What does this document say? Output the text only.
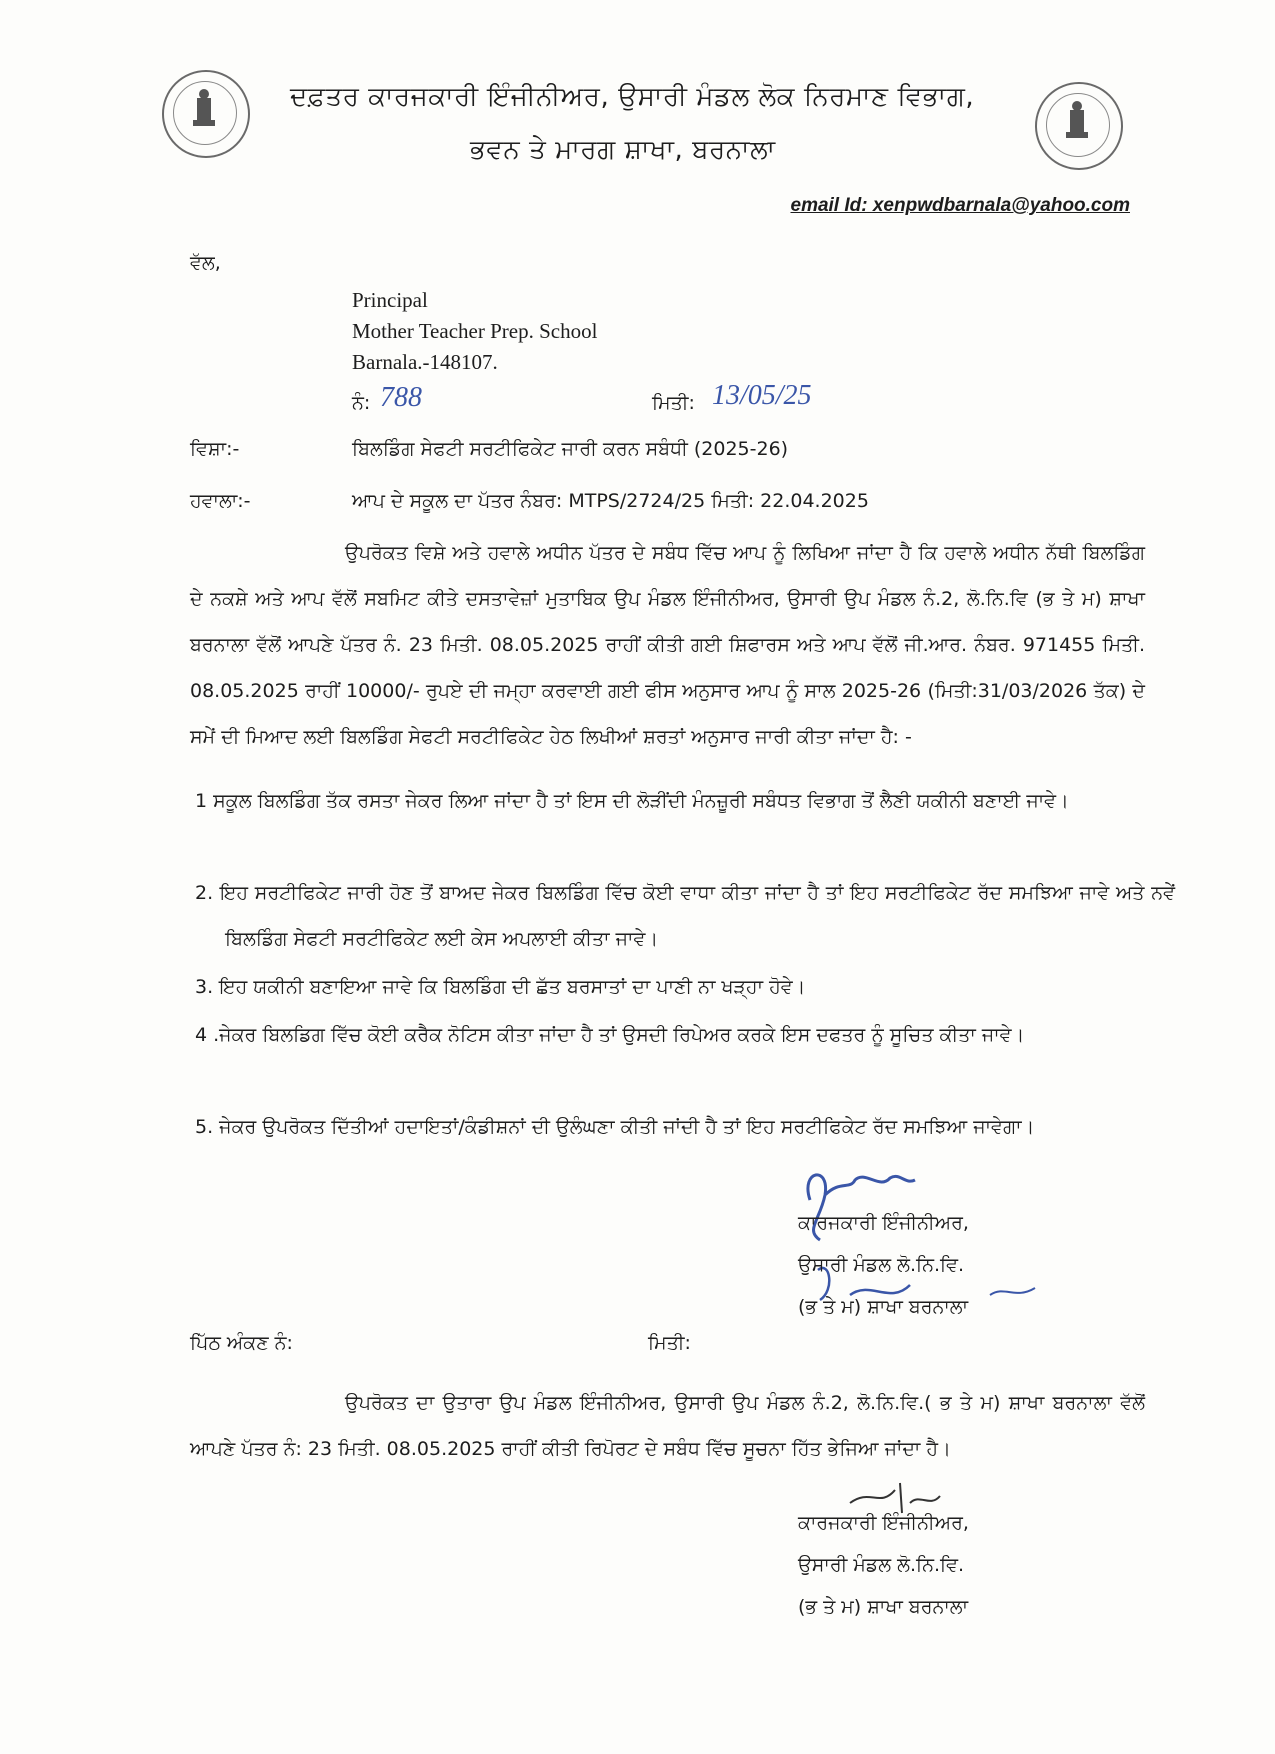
ਦਫ਼ਤਰ ਕਾਰਜਕਾਰੀ ਇੰਜੀਨੀਅਰ, ਉਸਾਰੀ ਮੰਡਲ ਲੋਕ ਨਿਰਮਾਣ ਵਿਭਾਗ,
ਭਵਨ ਤੇ ਮਾਰਗ ਸ਼ਾਖਾ, ਬਰਨਾਲਾ
email Id: xenpwdbarnala@yahoo.com
ਵੱਲ,
Principal
Mother Teacher Prep. School
Barnala.-148107.
ਨੰ: 788	ਮਿਤੀ: 13/05/25
ਵਿਸ਼ਾ:-	ਬਿਲਡਿੰਗ ਸੇਫਟੀ ਸਰਟੀਫਿਕੇਟ ਜਾਰੀ ਕਰਨ ਸਬੰਧੀ (2025-26)
ਹਵਾਲਾ:-	ਆਪ ਦੇ ਸਕੂਲ ਦਾ ਪੱਤਰ ਨੰਬਰ: MTPS/2724/25 ਮਿਤੀ: 22.04.2025
ਉਪਰੋਕਤ ਵਿਸ਼ੇ ਅਤੇ ਹਵਾਲੇ ਅਧੀਨ ਪੱਤਰ ਦੇ ਸਬੰਧ ਵਿੱਚ ਆਪ ਨੂੰ ਲਿਖਿਆ ਜਾਂਦਾ ਹੈ ਕਿ ਹਵਾਲੇ ਅਧੀਨ ਨੱਥੀ ਬਿਲਡਿੰਗ ਦੇ ਨਕਸ਼ੇ ਅਤੇ ਆਪ ਵੱਲੋਂ ਸਬਮਿਟ ਕੀਤੇ ਦਸਤਾਵੇਜ਼ਾਂ ਮੁਤਾਬਿਕ ਉਪ ਮੰਡਲ ਇੰਜੀਨੀਅਰ, ਉਸਾਰੀ ਉਪ ਮੰਡਲ ਨੰ.2, ਲੋ.ਨਿ.ਵਿ (ਭ ਤੇ ਮ) ਸ਼ਾਖਾ ਬਰਨਾਲਾ ਵੱਲੋਂ ਆਪਣੇ ਪੱਤਰ ਨੰ. 23 ਮਿਤੀ. 08.05.2025 ਰਾਹੀਂ ਕੀਤੀ ਗਈ ਸ਼ਿਫਾਰਸ ਅਤੇ ਆਪ ਵੱਲੋਂ ਜੀ.ਆਰ. ਨੰਬਰ. 971455 ਮਿਤੀ. 08.05.2025 ਰਾਹੀਂ 10000/- ਰੁਪਏ ਦੀ ਜਮ੍ਹਾ ਕਰਵਾਈ ਗਈ ਫੀਸ ਅਨੁਸਾਰ ਆਪ ਨੂੰ ਸਾਲ 2025-26 (ਮਿਤੀ:31/03/2026 ਤੱਕ) ਦੇ ਸਮੇਂ ਦੀ ਮਿਆਦ ਲਈ ਬਿਲਡਿੰਗ ਸੇਫਟੀ ਸਰਟੀਫਿਕੇਟ ਹੇਠ ਲਿਖੀਆਂ ਸ਼ਰਤਾਂ ਅਨੁਸਾਰ ਜਾਰੀ ਕੀਤਾ ਜਾਂਦਾ ਹੈ: -
1 ਸਕੂਲ ਬਿਲਡਿੰਗ ਤੱਕ ਰਸਤਾ ਜੇਕਰ ਲਿਆ ਜਾਂਦਾ ਹੈ ਤਾਂ ਇਸ ਦੀ ਲੋੜੀਂਦੀ ਮੰਨਜ਼ੂਰੀ ਸਬੰਧਤ ਵਿਭਾਗ ਤੋਂ ਲੈਣੀ ਯਕੀਨੀ ਬਣਾਈ ਜਾਵੇ।
2. ਇਹ ਸਰਟੀਫਿਕੇਟ ਜਾਰੀ ਹੋਣ ਤੋਂ ਬਾਅਦ ਜੇਕਰ ਬਿਲਡਿੰਗ ਵਿੱਚ ਕੋਈ ਵਾਧਾ ਕੀਤਾ ਜਾਂਦਾ ਹੈ ਤਾਂ ਇਹ ਸਰਟੀਫਿਕੇਟ ਰੱਦ ਸਮਝਿਆ ਜਾਵੇ ਅਤੇ ਨਵੇਂ ਬਿਲਡਿੰਗ ਸੇਫਟੀ ਸਰਟੀਫਿਕੇਟ ਲਈ ਕੇਸ ਅਪਲਾਈ ਕੀਤਾ ਜਾਵੇ।
3. ਇਹ ਯਕੀਨੀ ਬਣਾਇਆ ਜਾਵੇ ਕਿ ਬਿਲਡਿੰਗ ਦੀ ਛੱਤ ਬਰਸਾਤਾਂ ਦਾ ਪਾਣੀ ਨਾ ਖੜ੍ਹਾ ਹੋਵੇ।
4 .ਜੇਕਰ ਬਿਲਡਿਗ ਵਿੱਚ ਕੋਈ ਕਰੈਕ ਨੋਟਿਸ ਕੀਤਾ ਜਾਂਦਾ ਹੈ ਤਾਂ ਉਸਦੀ ਰਿਪੇਅਰ ਕਰਕੇ ਇਸ ਦਫਤਰ ਨੂੰ ਸੂਚਿਤ ਕੀਤਾ ਜਾਵੇ।
5. ਜੇਕਰ ਉਪਰੋਕਤ ਦਿੱਤੀਆਂ ਹਦਾਇਤਾਂ/ਕੰਡੀਸ਼ਨਾਂ ਦੀ ਉਲੰਘਣਾ ਕੀਤੀ ਜਾਂਦੀ ਹੈ ਤਾਂ ਇਹ ਸਰਟੀਫਿਕੇਟ ਰੱਦ ਸਮਝਿਆ ਜਾਵੇਗਾ।
ਕਾਰਜਕਾਰੀ ਇੰਜੀਨੀਅਰ,
ਉਸਾਰੀ ਮੰਡਲ ਲੋ.ਨਿ.ਵਿ.
(ਭ ਤੇ ਮ) ਸ਼ਾਖਾ ਬਰਨਾਲਾ
ਪਿੱਠ ਅੰਕਣ ਨੰ:	ਮਿਤੀ:
ਉਪਰੋਕਤ ਦਾ ਉਤਾਰਾ ਉਪ ਮੰਡਲ ਇੰਜੀਨੀਅਰ, ਉਸਾਰੀ ਉਪ ਮੰਡਲ ਨੰ.2, ਲੋ.ਨਿ.ਵਿ.( ਭ ਤੇ ਮ) ਸ਼ਾਖਾ ਬਰਨਾਲਾ ਵੱਲੋਂ ਆਪਣੇ ਪੱਤਰ ਨੰ: 23 ਮਿਤੀ. 08.05.2025 ਰਾਹੀਂ ਕੀਤੀ ਰਿਪੋਰਟ ਦੇ ਸਬੰਧ ਵਿੱਚ ਸੂਚਨਾ ਹਿੱਤ ਭੇਜਿਆ ਜਾਂਦਾ ਹੈ।
ਕਾਰਜਕਾਰੀ ਇੰਜੀਨੀਅਰ,
ਉਸਾਰੀ ਮੰਡਲ ਲੋ.ਨਿ.ਵਿ.
(ਭ ਤੇ ਮ) ਸ਼ਾਖਾ ਬਰਨਾਲਾ
